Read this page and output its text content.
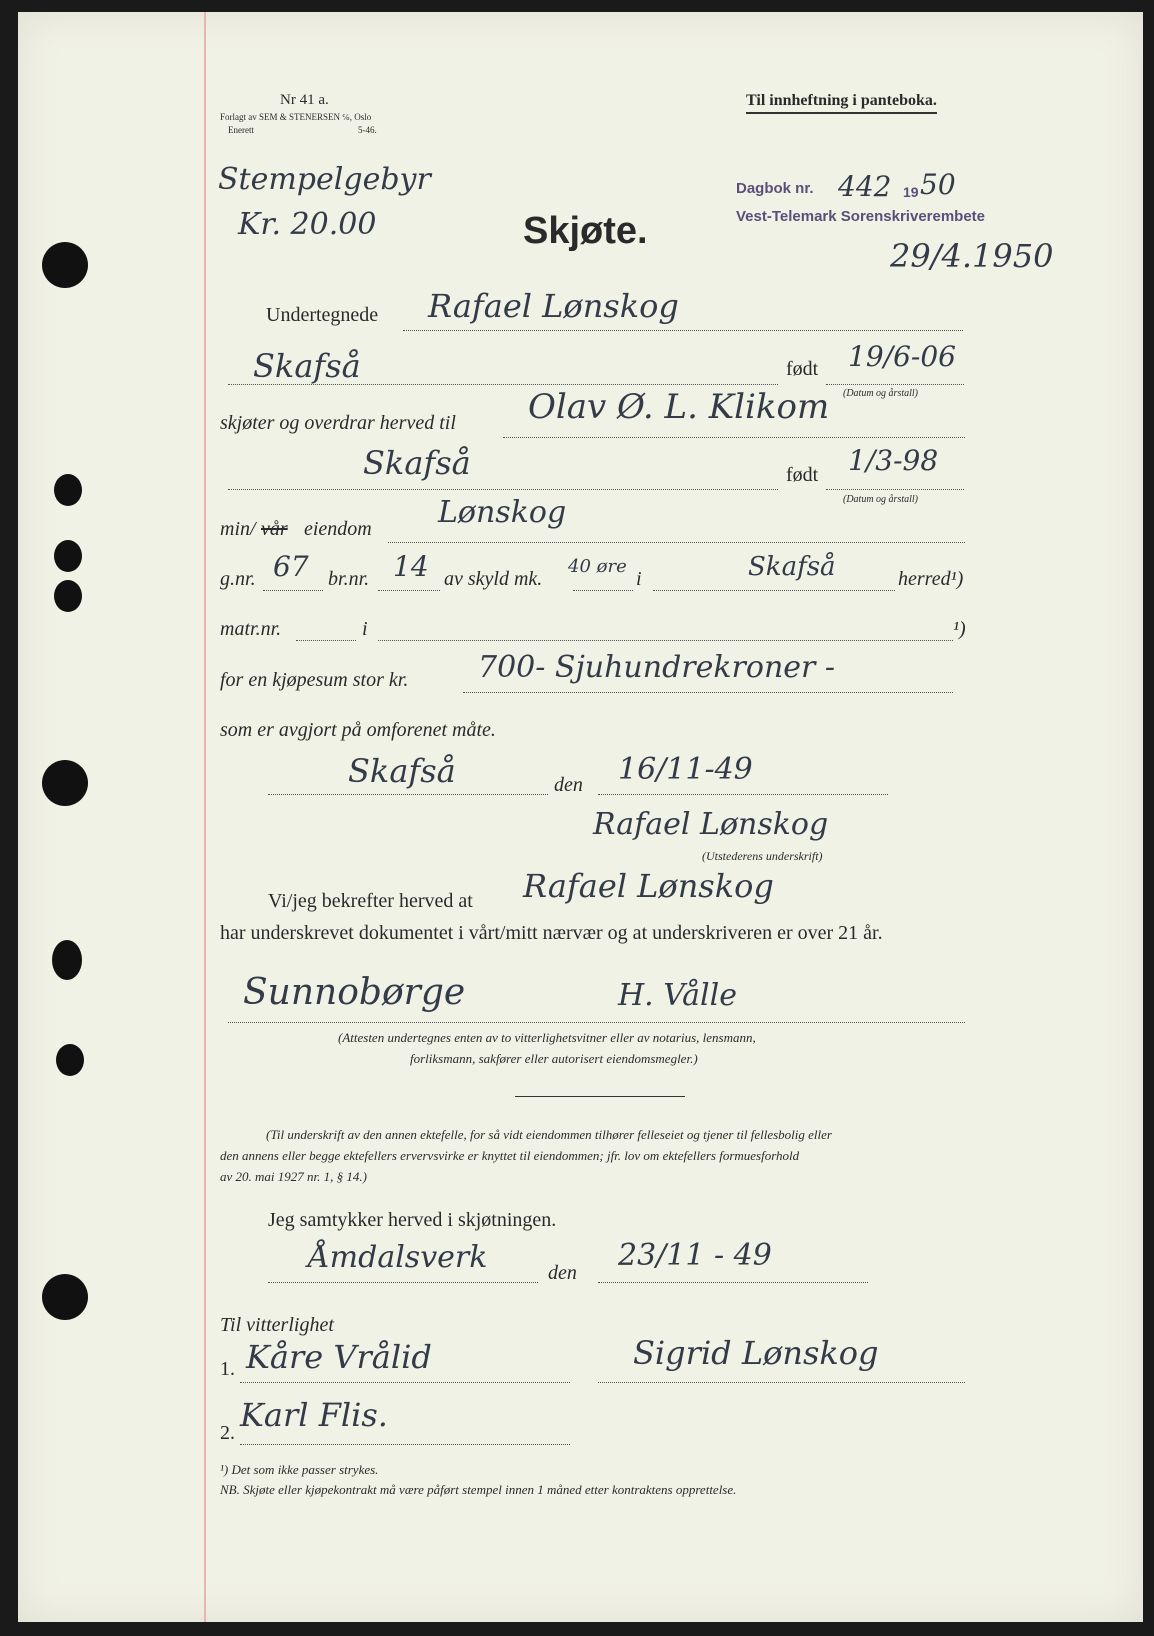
Nr 41 a.
Forlagt av SEM & STENERSEN ℅, Oslo
Enerett	5-46.
Til innheftning i panteboka.
Stempelgebyr
Kr. 20.00	Skjøte.
Dagbok nr. 442 19 50
Vest-Telemark Sorenskriverembete
29/4.1950
Undertegnede Rafael Lønskog
Skafså	født 19/6-06
(Datum og årstall)
skjøter og overdrar herved til Olav Ø. L. Klikom
Skafså	født 1/3-98
(Datum og årstall)
min/ vår eiendom Lønskog
g.nr. 67 br.nr. 14 av skyld mk.
40 øre
i	Skafså	herred¹)
matr.nr.	i	¹)
for en kjøpesum stor kr. 700- Sjuhundrekroner -
som er avgjort på omforenet måte.
Skafså	den 16/11-49
Rafael Lønskog
(Utstederens underskrift)
Vi/jeg bekrefter herved at Rafael Lønskog
har underskrevet dokumentet i vårt/mitt nærvær og at underskriveren er over 21 år.
Sunnobørge	H. Vålle
(Attesten undertegnes enten av to vitterlighetsvitner eller av notarius, lensmann,
forliksmann, sakfører eller autorisert eiendomsmegler.)
(Til underskrift av den annen ektefelle, for så vidt eiendommen tilhører felleseiet og tjener til fellesbolig eller
den annens eller begge ektefellers ervervsvirke er knyttet til eiendommen; jfr. lov om ektefellers formuesforhold
av 20. mai 1927 nr. 1, § 14.)
Jeg samtykker herved i skjøtningen.
Åmdalsverk	den 23/11 - 49
Til vitterlighet
1. Kåre Vrålid	Sigrid Lønskog
2. Karl Flis.
¹) Det som ikke passer strykes.
NB. Skjøte eller kjøpekontrakt må være påført stempel innen 1 måned etter kontraktens opprettelse.
